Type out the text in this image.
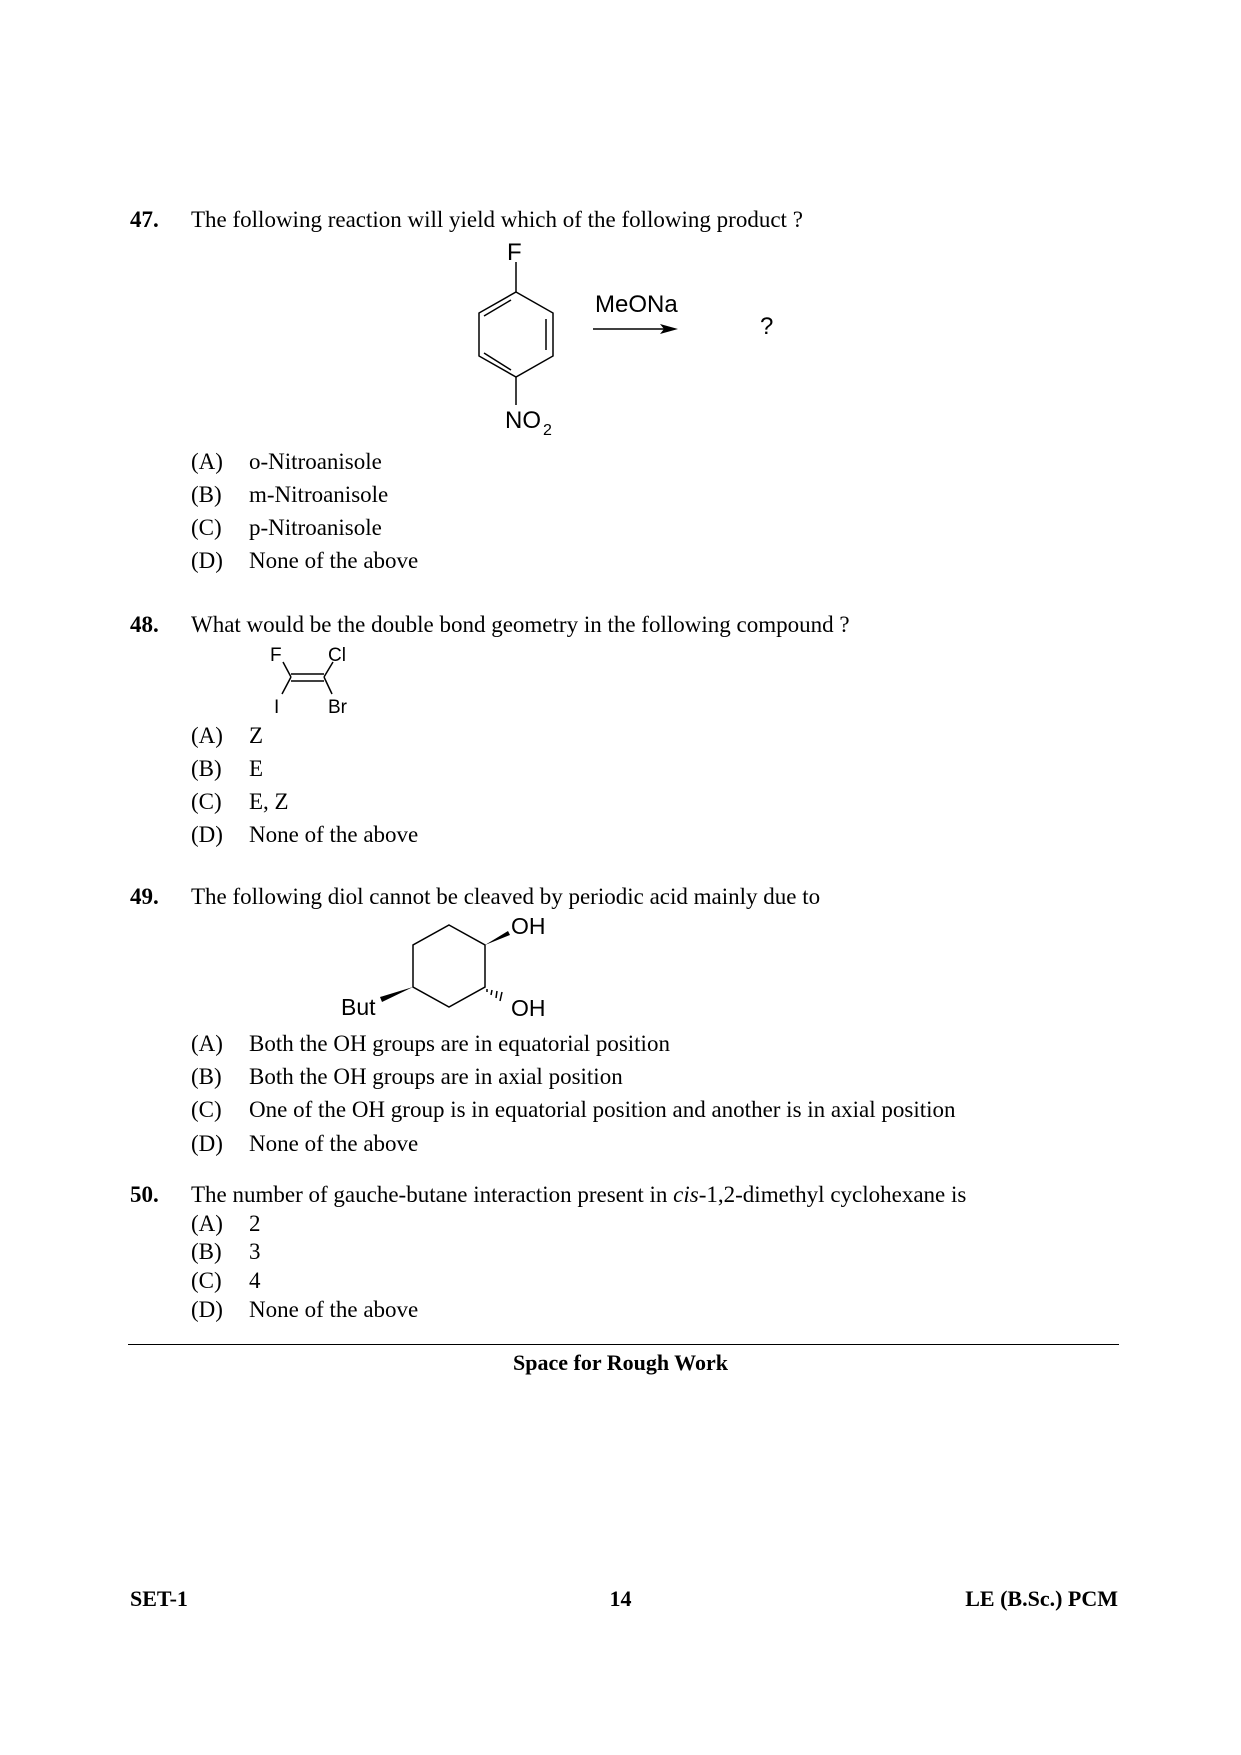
47. The following reaction will yield which of the following product ?
F
NO 2
MeONa
?
(A) o-Nitroanisole
(B) m-Nitroanisole
(C) p-Nitroanisole
(D) None of the above
48. What would be the double bond geometry in the following compound ?
F Cl
I	Br
(A) Z
(B) E
(C) E, Z
(D) None of the above
49. The following diol cannot be cleaved by periodic acid mainly due to
OH
OH
But
(A) Both the OH groups are in equatorial position
(B) Both the OH groups are in axial position
(C) One of the OH group is in equatorial position and another is in axial position
(D) None of the above
50. The number of gauche-butane interaction present in cis-1,2-dimethyl cyclohexane is
(A) 2
(B) 3
(C) 4
(D) None of the above
Space for Rough Work
SET-1	14	LE (B.Sc.) PCM
